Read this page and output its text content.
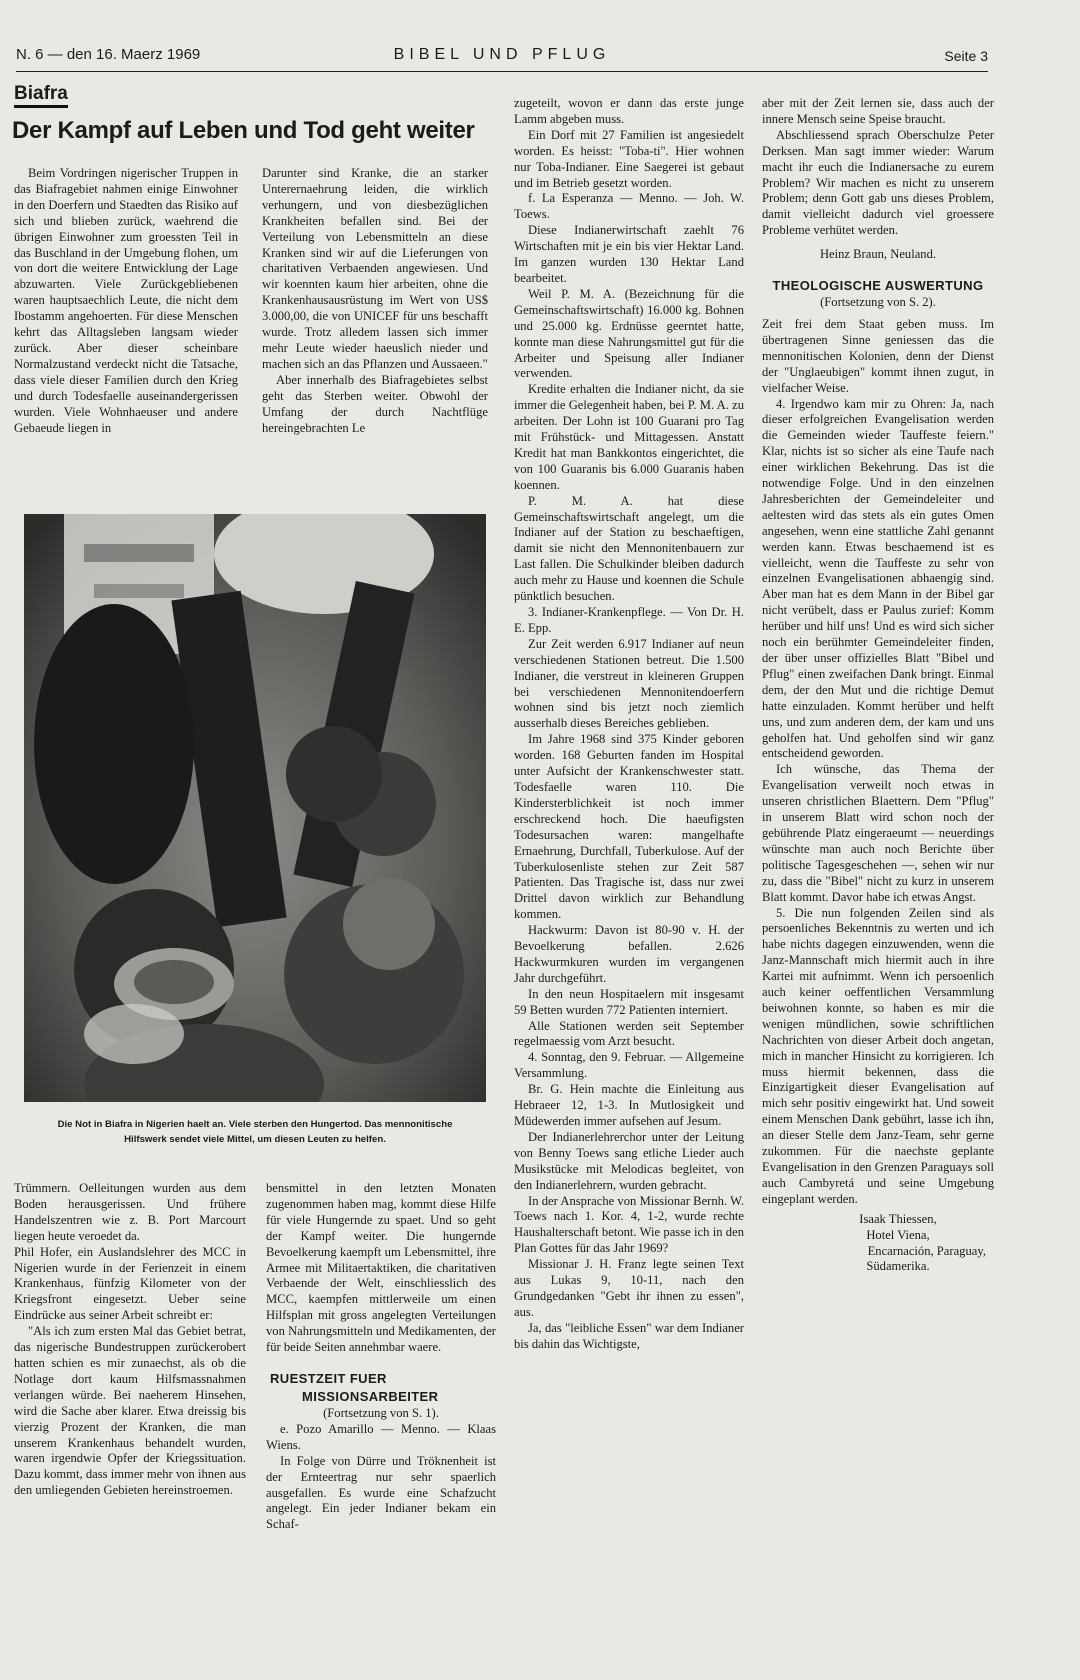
N. 6 — den 16. Maerz 1969	BIBEL UND PFLUG	Seite 3
Biafra
Der Kampf auf Leben und Tod geht weiter

Beim Vordringen nigerischer Truppen in das Biafragebiet nahmen einige Einwohner in den Doerfern und Staedten das Risiko auf sich und blieben zurück, waehrend die übrigen Einwohner zum groessten Teil in das Buschland in der Umgebung flohen, um von dort die weitere Entwicklung der Lage abzuwarten. Viele Zurückgebliebenen waren hauptsaechlich Leute, die nicht dem Ibostamm angehoerten. Für diese Menschen kehrt das Alltagsleben langsam wieder zurück. Aber dieser scheinbare Normalzustand verdeckt nicht die Tatsache, dass viele dieser Familien durch den Krieg und durch Todesfaelle auseinandergerissen wurden. Viele Wohnhaeuser und andere Gebaeude liegen in

Darunter sind Kranke, die an starker Unterernaehrung leiden, die wirklich verhungern, und von diesbezüglichen Krankheiten befallen sind. Bei der Verteilung von Lebensmitteln an diese Kranken sind wir auf die Lieferungen von charitativen Verbaenden angewiesen. Und wir koennten kaum hier arbeiten, ohne die Krankenhausausrüstung im Wert von US$ 3.000,00, die von UNICEF für uns beschafft wurde. Trotz alledem lassen sich immer mehr Leute wieder haeuslich nieder und machen sich an das Pflanzen und Aussaeen."

Aber innerhalb des Biafragebietes selbst geht das Sterben weiter. Obwohl der Umfang der durch Nachtflüge hereingebrachten Le

Die Not in Biafra in Nigerien haelt an. Viele sterben den Hungertod. Das mennonitische Hilfswerk sendet viele Mittel, um diesen Leuten zu helfen.

Trümmern. Oelleitungen wurden aus dem Boden herausgerissen. Und frühere Handelszentren wie z. B. Port Marcourt liegen heute veroedet da.

Phil Hofer, ein Auslandslehrer des MCC in Nigerien wurde in der Ferienzeit in einem Krankenhaus, fünfzig Kilometer von der Kriegsfront eingesetzt. Ueber seine Eindrücke aus seiner Arbeit schreibt er:

"Als ich zum ersten Mal das Gebiet betrat, das nigerische Bundestruppen zurückerobert hatten schien es mir zunaechst, als ob die Notlage dort kaum Hilfsmassnahmen verlangen würde. Bei naeherem Hinsehen, wird die Sache aber klarer. Etwa dreissig bis vierzig Prozent der Kranken, die man unserem Krankenhaus behandelt wurden, waren irgendwie Opfer der Kriegssituation. Dazu kommt, dass immer mehr von ihnen aus den umliegenden Gebieten hereinstroemen.

bensmittel in den letzten Monaten zugenommen haben mag, kommt diese Hilfe für viele Hungernde zu spaet. Und so geht der Kampf weiter. Die hungernde Bevoelkerung kaempft um Lebensmittel, ihre Armee mit Militaertaktiken, die charitativen Verbaende der Welt, einschliesslich des MCC, kaempfen mittlerweile um einen Hilfsplan mit gross angelegten Verteilungen von Nahrungsmitteln und Medikamenten, der für beide Seiten annehmbar waere.

RUESTZEIT FUER

MISSIONSARBEITER

(Fortsetzung von S. 1).

e. Pozo Amarillo — Menno. — Klaas Wiens.

In Folge von Dürre und Tröknenheit ist der Ernteertrag nur sehr spaerlich ausgefallen. Es wurde eine Schafzucht angelegt. Ein jeder Indianer bekam ein Schaf-

zugeteilt, wovon er dann das erste junge Lamm abgeben muss.

Ein Dorf mit 27 Familien ist angesiedelt worden. Es heisst: "Toba-ti". Hier wohnen nur Toba-Indianer. Eine Saegerei ist gebaut und im Betrieb gesetzt worden.

f. La Esperanza — Menno. — Joh. W. Toews.

Diese Indianerwirtschaft zaehlt 76 Wirtschaften mit je ein bis vier Hektar Land. Im ganzen wurden 130 Hektar Land bearbeitet.

Weil P. M. A. (Bezeichnung für die Gemeinschaftswirtschaft) 16.000 kg. Bohnen und 25.000 kg. Erdnüsse geerntet hatte, konnte man diese Nahrungsmittel gut für die Arbeiter und Speisung aller Indianer verwenden.

Kredite erhalten die Indianer nicht, da sie immer die Gelegenheit haben, bei P. M. A. zu arbeiten. Der Lohn ist 100 Guarani pro Tag mit Frühstück- und Mittagessen. Anstatt Kredit hat man Bankkontos eingerichtet, die von 100 Guaranis bis 6.000 Guaranis haben koennen.

P. M. A. hat diese Gemeinschaftswirtschaft angelegt, um die Indianer auf der Station zu beschaeftigen, damit sie nicht den Mennonitenbauern zur Last fallen. Die Schulkinder bleiben dadurch auch mehr zu Hause und koennen die Schule pünktlich besuchen.

3. Indianer-Krankenpflege. — Von Dr. H. E. Epp.

Zur Zeit werden 6.917 Indianer auf neun verschiedenen Stationen betreut. Die 1.500 Indianer, die verstreut in kleineren Gruppen bei verschiedenen Mennonitendoerfern wohnen sind bis jetzt noch ziemlich ausserhalb dieses Bereiches geblieben.

Im Jahre 1968 sind 375 Kinder geboren worden. 168 Geburten fanden im Hospital unter Aufsicht der Krankenschwester statt. Todesfaelle waren 110. Die Kindersterblichkeit ist noch immer erschreckend hoch. Die haeufigsten Todesursachen waren: mangelhafte Ernaehrung, Durchfall, Tuberkulose. Auf der Tuberkulosenliste stehen zur Zeit 587 Patienten. Das Tragische ist, dass nur zwei Drittel davon wirklich zur Behandlung kommen.

Hackwurm: Davon ist 80-90 v. H. der Bevoelkerung befallen. 2.626 Hackwurmkuren wurden im vergangenen Jahr durchgeführt.

In den neun Hospitaelern mit insgesamt 59 Betten wurden 772 Patienten interniert.

Alle Stationen werden seit September regelmaessig vom Arzt besucht.

4. Sonntag, den 9. Februar. — Allgemeine Versammlung.

Br. G. Hein machte die Einleitung aus Hebraeer 12, 1-3. In Mutlosigkeit und Müdewerden immer aufsehen auf Jesum.

Der Indianerlehrerchor unter der Leitung von Benny Toews sang etliche Lieder auch Musikstücke mit Melodicas begleitet, von den Indianerlehrern, wurden gebracht.

In der Ansprache von Missionar Bernh. W. Toews nach 1. Kor. 4, 1-2, wurde rechte Haushalterschaft betont. Wie passe ich in den Plan Gottes für das Jahr 1969?

Missionar J. H. Franz legte seinen Text aus Lukas 9, 10-11, nach den Grundgedanken "Gebt ihr ihnen zu essen", aus.

Ja, das "leibliche Essen" war dem Indianer bis dahin das Wichtigste,

aber mit der Zeit lernen sie, dass auch der innere Mensch seine Speise braucht.

Abschliessend sprach Oberschulze Peter Derksen. Man sagt immer wieder: Warum macht ihr euch die Indianersache zu eurem Problem? Wir machen es nicht zu unserem Problem; denn Gott gab uns dieses Problem, damit vielleicht dadurch viel groessere Probleme verhütet werden.

Heinz Braun, Neuland.

THEOLOGISCHE AUSWERTUNG

(Fortsetzung von S. 2).

Zeit frei dem Staat geben muss. Im übertragenen Sinne geniessen das die mennonitischen Kolonien, denn der Dienst der "Unglaeubigen" kommt ihnen zugut, in vielfacher Weise.

4. Irgendwo kam mir zu Ohren: Ja, nach dieser erfolgreichen Evangelisation werden die Gemeinden wieder Tauffeste feiern." Klar, nichts ist so sicher als eine Taufe nach einer wirklichen Bekehrung. Das ist die notwendige Folge. Und in den einzelnen Jahresberichten der Gemeindeleiter und aeltesten wird das stets als ein gutes Omen angesehen, wenn eine stattliche Zahl genannt werden kann. Etwas beschaemend ist es vielleicht, wenn die Tauffeste zu sehr von einzelnen Evangelisationen abhaengig sind. Aber man hat es dem Mann in der Bibel gar nicht verübelt, dass er Paulus zurief: Komm herüber und hilf uns! Und es wird sich sicher noch ein berühmter Gemeindeleiter finden, der über unser offizielles Blatt "Bibel und Pflug" einen zweifachen Dank bringt. Einmal dem, der den Mut und die richtige Demut hatte einzuladen. Kommt herüber und helft uns, und zum anderen dem, der kam und uns geholfen hat. Und geholfen sind wir ganz entscheidend geworden.

Ich wünsche, das Thema der Evangelisation verweilt noch etwas in unseren christlichen Blaettern. Dem "Pflug" in unserem Blatt wird schon noch der gebührende Platz eingeraeumt — neuerdings wünschte man auch noch Berichte über politische Tagesgeschehen —, sehen wir nur zu, dass die "Bibel" nicht zu kurz in unserem Blatt kommt. Davor habe ich etwas Angst.

5. Die nun folgenden Zeilen sind als persoenliches Bekenntnis zu werten und ich habe nichts dagegen einzuwenden, wenn die Janz-Mannschaft mich hiermit auch in ihre Kartei mit aufnimmt. Wenn ich persoenlich auch keiner oeffentlichen Versammlung beiwohnen konnte, so haben es mir die wenigen mündlichen, sowie schriftlichen Nachrichten von dieser Arbeit doch angetan, mich in mancher Hinsicht zu korrigieren. Ich muss hiermit bekennen, dass die Einzigartigkeit dieser Evangelisation auf mich sehr positiv eingewirkt hat. Und soweit einem Menschen Dank gebührt, lasse ich ihn, an dieser Stelle dem Janz-Team, sehr gerne zukommen. Für die naechste geplante Evangelisation in den Grenzen Paraguays soll auch Cambyretá und seine Umgebung eingeplant werden.

Isaak Thiessen,

Hotel Viena,

Encarnación, Paraguay,

Südamerika.
